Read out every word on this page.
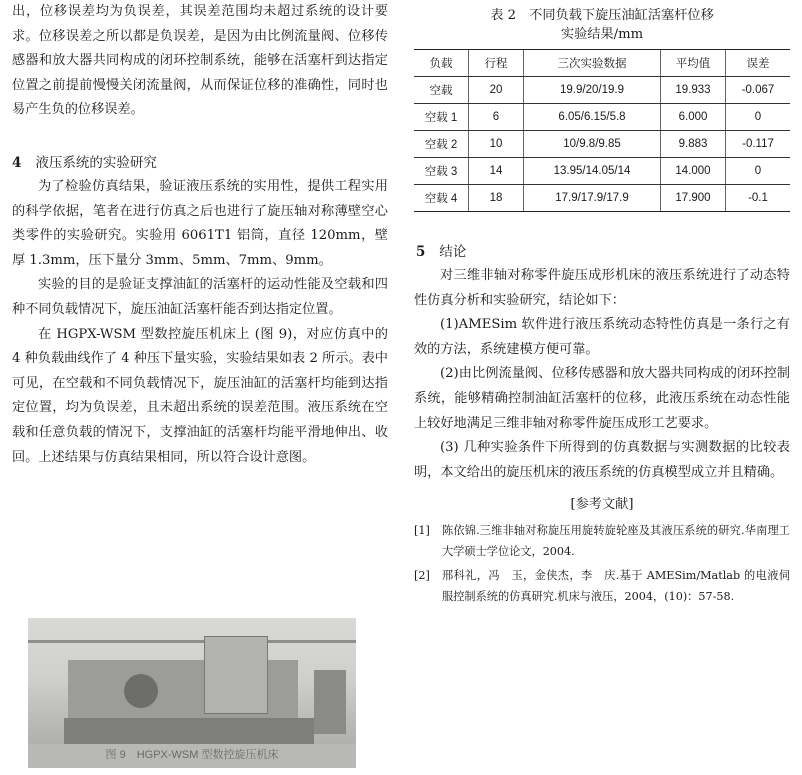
出，位移误差均为负误差，其误差范围均未超过系统的设计要求。位移误差之所以都是负误差，是因为由比例流量阀、位移传感器和放大器共同构成的闭环控制系统，能够在活塞杆到达指定位置之前提前慢慢关闭流量阀，从而保证位移的准确性，同时也易产生负的位移误差。

4 液压系统的实验研究

为了检验仿真结果，验证液压系统的实用性，提供工程实用的科学依据，笔者在进行仿真之后也进行了旋压轴对称薄壁空心类零件的实验研究。实验用 6061T1 铝筒，直径 120mm，壁厚 1.3mm，压下量分 3mm、5mm、7mm、9mm。

实验的目的是验证支撑油缸的活塞杆的运动性能及空载和四种不同负载情况下，旋压油缸活塞杆能否到达指定位置。

在 HGPX-WSM 型数控旋压机床上 (图 9)，对应仿真中的 4 种负载曲线作了 4 种压下量实验，实验结果如表 2 所示。表中可见，在空载和不同负载情况下，旋压油缸的活塞杆均能到达指定位置，均为负误差，且未超出系统的误差范围。液压系统在空载和任意负载的情况下，支撑油缸的活塞杆均能平滑地伸出、收回。上述结果与仿真结果相同，所以符合设计意图。

图 9　HGPX-WSM 型数控旋压机床
表 2　不同负载下旋压油缸活塞杆位移
实验结果/mm
负载	行程	三次实验数据	平均值	误差
空载	20	19.9/20/19.9	19.933	-0.067
空载 1	6	6.05/6.15/5.8	6.000	0
空载 2	10	10/9.8/9.85	9.883	-0.117
空载 3	14	13.95/14.05/14	14.000	0
空载 4	18	17.9/17.9/17.9	17.900	-0.1
5 结论

对三维非轴对称零件旋压成形机床的液压系统进行了动态特性仿真分析和实验研究，结论如下：

(1)AMESim 软件进行液压系统动态特性仿真是一条行之有效的方法，系统建模方便可靠。

(2)由比例流量阀、位移传感器和放大器共同构成的闭环控制系统，能够精确控制油缸活塞杆的位移，此液压系统在动态性能上较好地满足三维非轴对称零件旋压成形工艺要求。

(3) 几种实验条件下所得到的仿真数据与实测数据的比较表明，本文给出的旋压机床的液压系统的仿真模型成立并且精确。

[参考文献]
[1]	陈依锦.三维非轴对称旋压用旋转旋轮座及其液压系统的研究.华南理工大学硕士学位论文，2004.
[2]	邢科礼，冯　玉，金侠杰，李　庆.基于 AMESim/Matlab 的电液伺服控制系统的仿真研究.机床与液压，2004，(10)：57-58.
